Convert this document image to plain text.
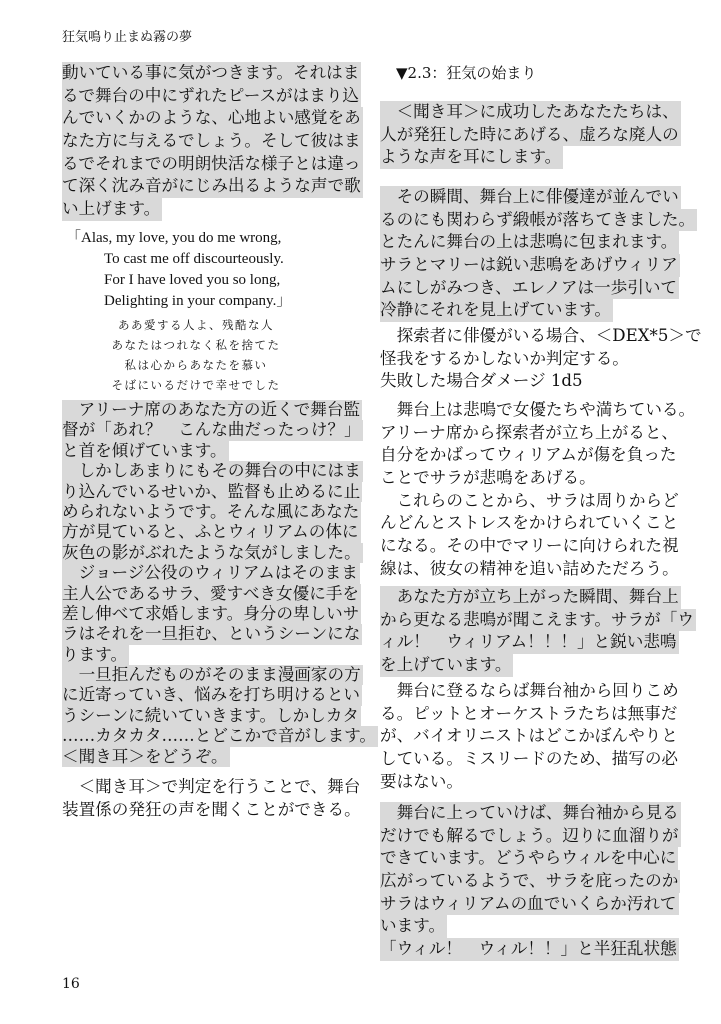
狂気鳴り止まぬ霧の夢
動いている事に気がつきます。それはま
るで舞台の中にずれたピースがはまり込
んでいくかのような、心地よい感覚をあ
なた方に与えるでしょう。そして彼はま
るでそれまでの明朗快活な様子とは違っ
て深く沈み音がにじみ出るような声で歌
い上げます。
「Alas, my love, you do me wrong,
To cast me off discourteously.
For I have loved you so long,
Delighting in your company.」
ああ愛する人よ、残酷な人
あなたはつれなく私を捨てた
私は心からあなたを慕い
そばにいるだけで幸せでした
　アリーナ席のあなた方の近くで舞台監
督が「あれ？　こんな曲だったっけ？」
と首を傾げています。
　しかしあまりにもその舞台の中にはま
り込んでいるせいか、監督も止めるに止
められないようです。そんな風にあなた
方が見ていると、ふとウィリアムの体に
灰色の影がぶれたような気がしました。
　ジョージ公役のウィリアムはそのまま
主人公であるサラ、愛すべき女優に手を
差し伸べて求婚します。身分の卑しいサ
ラはそれを一旦拒む、というシーンにな
ります。
　一旦拒んだものがそのまま漫画家の方
に近寄っていき、悩みを打ち明けるとい
うシーンに続いていきます。しかしカタ
……カタカタ……とどこかで音がします。
＜聞き耳＞をどうぞ。
　＜聞き耳＞で判定を行うことで、舞台
装置係の発狂の声を聞くことができる。
▼2.3：狂気の始まり
　＜聞き耳＞に成功したあなたたちは、
人が発狂した時にあげる、虚ろな廃人の
ような声を耳にします。
　その瞬間、舞台上に俳優達が並んでい
るのにも関わらず緞帳が落ちてきました。
とたんに舞台の上は悲鳴に包まれます。
サラとマリーは鋭い悲鳴をあげウィリア
ムにしがみつき、エレノアは一歩引いて
冷静にそれを見上げています。
　探索者に俳優がいる場合、＜DEX*5＞で
怪我をするかしないか判定する。
失敗した場合ダメージ 1d5
　舞台上は悲鳴で女優たちや満ちている。
アリーナ席から探索者が立ち上がると、
自分をかばってウィリアムが傷を負った
ことでサラが悲鳴をあげる。
　これらのことから、サラは周りからど
んどんとストレスをかけられていくこと
になる。その中でマリーに向けられた視
線は、彼女の精神を追い詰めただろう。
　あなた方が立ち上がった瞬間、舞台上
から更なる悲鳴が聞こえます。サラが「ウ
ィル！　ウィリアム！！！」と鋭い悲鳴
を上げています。
　舞台に登るならば舞台袖から回りこめ
る。ピットとオーケストラたちは無事だ
が、バイオリニストはどこかぼんやりと
している。ミスリードのため、描写の必
要はない。
　舞台に上っていけば、舞台袖から見る
だけでも解るでしょう。辺りに血溜りが
できています。どうやらウィルを中心に
広がっているようで、サラを庇ったのか
サラはウィリアムの血でいくらか汚れて
います。
「ウィル！　ウィル！！」と半狂乱状態
16
